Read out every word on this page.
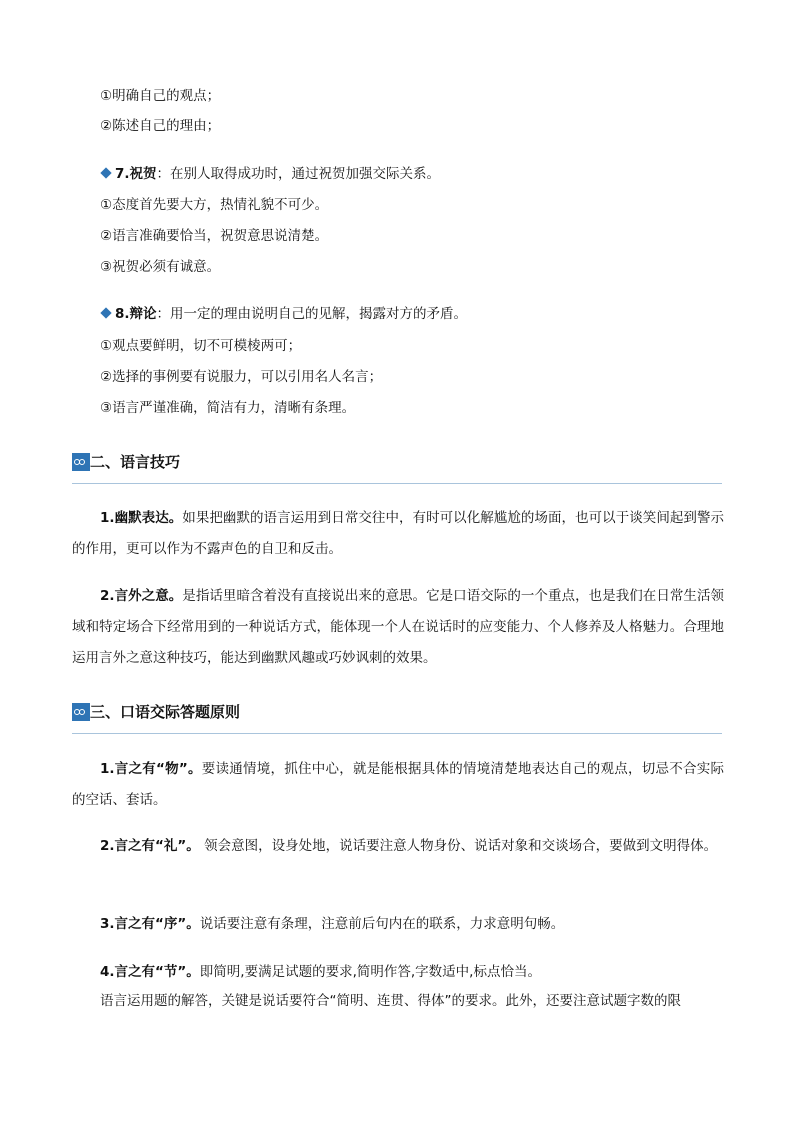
①明确自己的观点；
②陈述自己的理由；
7.祝贺：在别人取得成功时，通过祝贺加强交际关系。
①态度首先要大方，热情礼貌不可少。
②语言准确要恰当，祝贺意思说清楚。
③祝贺必须有诚意。
8.辩论：用一定的理由说明自己的见解，揭露对方的矛盾。
①观点要鲜明，切不可模棱两可；
②选择的事例要有说服力，可以引用名人名言；
③语言严谨准确，简洁有力，清晰有条理。
二、语言技巧
1.幽默表达。如果把幽默的语言运用到日常交往中，有时可以化解尴尬的场面，也可以于谈笑间起到警示的作用，更可以作为不露声色的自卫和反击。
2.言外之意。是指话里暗含着没有直接说出来的意思。它是口语交际的一个重点，也是我们在日常生活领域和特定场合下经常用到的一种说话方式，能体现一个人在说话时的应变能力、个人修养及人格魅力。合理地运用言外之意这种技巧，能达到幽默风趣或巧妙讽刺的效果。
三、口语交际答题原则
1.言之有“物”。要读通情境，抓住中心，就是能根据具体的情境清楚地表达自己的观点，切忌不合实际的空话、套话。
2.言之有“礼”。 领会意图，设身处地，说话要注意人物身份、说话对象和交谈场合，要做到文明得体。
3.言之有“序”。说话要注意有条理，注意前后句内在的联系，力求意明句畅。
4.言之有“节”。即简明,要满足试题的要求,简明作答,字数适中,标点恰当。
语言运用题的解答，关键是说话要符合“简明、连贯、得体”的要求。此外，还要注意试题字数的限
